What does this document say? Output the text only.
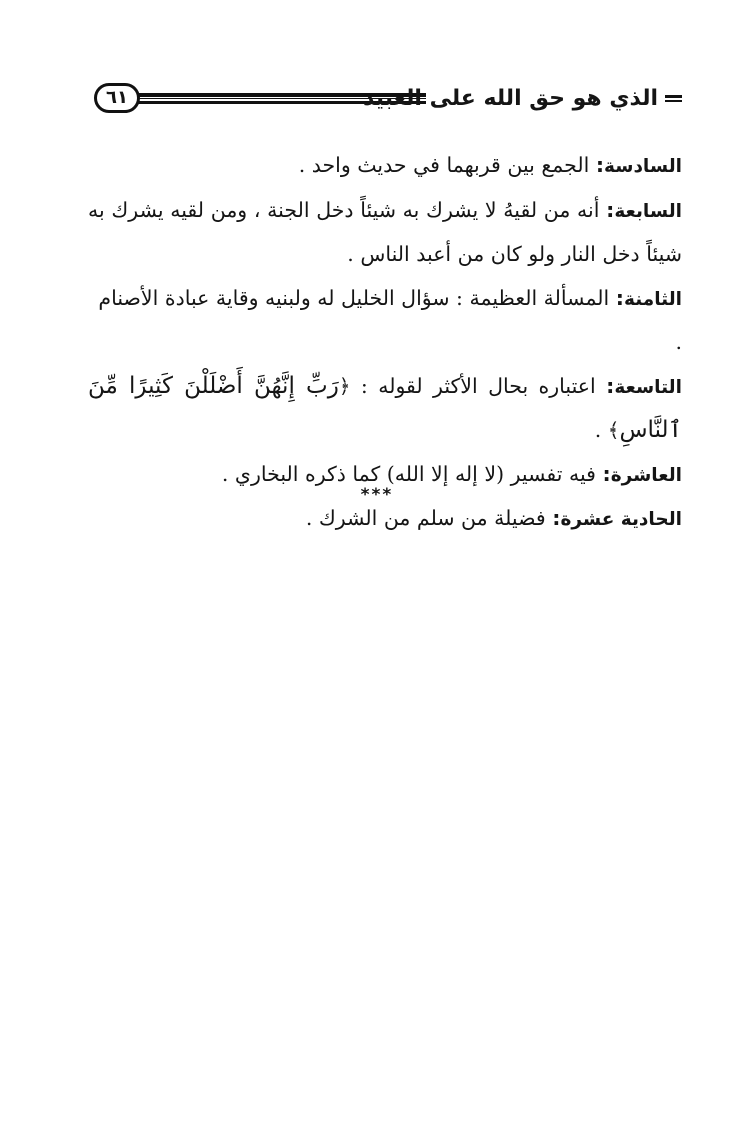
٦١	الذي هو حق الله على العبيد

السادسة: الجمع بين قربهما في حديث واحد .

السابعة: أنه من لقيهُ لا يشرك به شيئاً دخل الجنة ، ومن لقيه يشرك به شيئاً دخل النار ولو كان من أعبد الناس .

الثامنة: المسألة العظيمة : سؤال الخليل له ولبنيه وقاية عبادة الأصنام .

التاسعة: اعتباره بحال الأكثر لقوله : ﴿رَبِّ إِنَّهُنَّ أَضْلَلْنَ كَثِيرًا مِّنَ ٱلنَّاسِ﴾ .

العاشرة: فيه تفسير (لا إله إلا الله) كما ذكره البخاري .

الحادية عشرة: فضيلة من سلم من الشرك .

***
